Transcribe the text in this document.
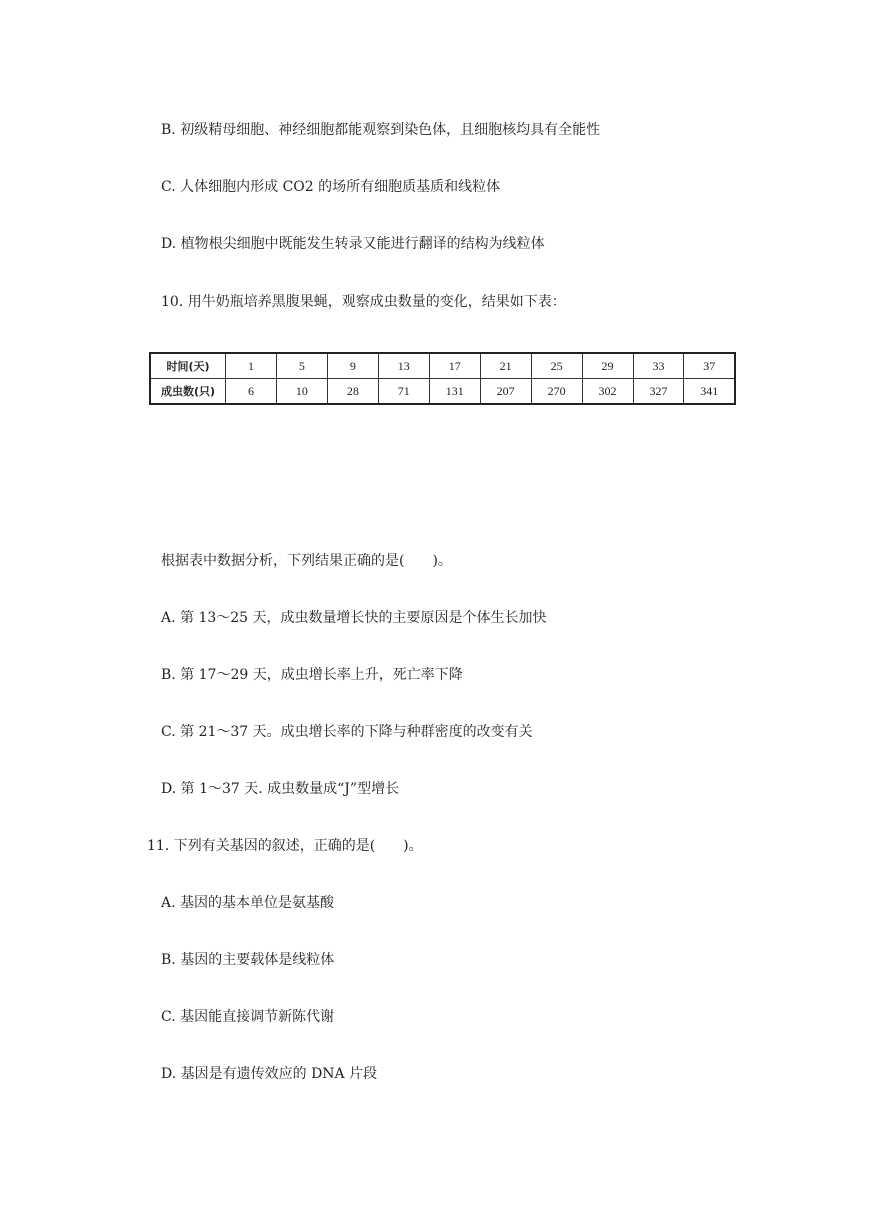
B. 初级精母细胞、神经细胞都能观察到染色体，且细胞核均具有全能性
C. 人体细胞内形成 CO2 的场所有细胞质基质和线粒体
D. 植物根尖细胞中既能发生转录又能进行翻译的结构为线粒体
10. 用牛奶瓶培养黑腹果蝇，观察成虫数量的变化，结果如下表：
时间(天)	1	5	9	13	17	21	25	29	33	37
成虫数(只)	6	10	28	71	131	207	270	302	327	341
根据表中数据分析，下列结果正确的是(　　)。
A. 第 13～25 天，成虫数量增长快的主要原因是个体生长加快
B. 第 17～29 天，成虫增长率上升，死亡率下降
C. 第 21～37 天。成虫增长率的下降与种群密度的改变有关
D. 第 1～37 天. 成虫数量成“J”型增长
11. 下列有关基因的叙述，正确的是(　　)。
A. 基因的基本单位是氨基酸
B. 基因的主要载体是线粒体
C. 基因能直接调节新陈代谢
D. 基因是有遗传效应的 DNA 片段
